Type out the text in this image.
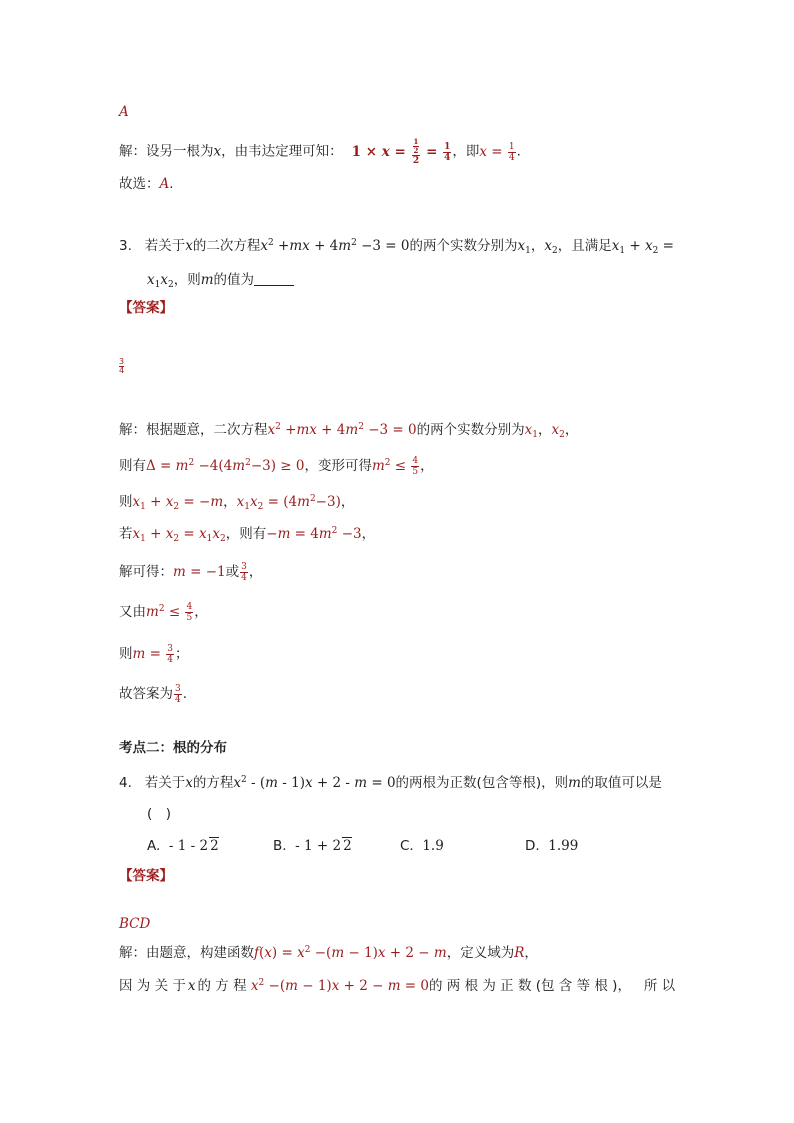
A
解：设另一根为x，由韦达定理可知：  $1 \times x = \frac{\frac{1}{2}}{2} = \frac{1}{4}$ ，即$x = \frac{1}{4}$ .
故选：A.
3. 若关于x的二次方程$x^2 +mx + 4m^2 -3 = 0$的两个实数分别为$x_1$，$x_2$，且满足$x_1 + x_2$ =
$x_1x_2$，则m的值为
【答案】
$\frac{3}{4}$
解：根据题意，二次方程$x^2 +mx + 4m^2 -3 = 0$的两个实数分别为$x_1$，$x_2$，
则有$\Delta = m^2 -4(4m^2-3) \ge 0$，变形可得$m^2 \le \frac{4}{5}$ ，
则$x_1 + x_2 = -m$，$x_1x_2 = (4m^2-3)$，
若$x_1 + x_2 = x_1x_2$，则有$-m = 4m^2 -3$，
解可得：m = −1或 $\frac{3}{4}$ ，
又由$m^2 \le \frac{4}{5}$ ，
则$m = \frac{3}{4}$ ；
故答案为 $\frac{3}{4}$ .
考点二：根的分布
4. 若关于x的方程$x^2 - (m - 1)x + 2 - m = 0$的两根为正数(包含等根)，则m的取值可以是
(　)
A. - 1 - 2 2	B. - 1 + 2 2	C. 1.9	D. 1.99
【答案】
BCD
解：由题意，构建函数$f(x) = x^2 -(m - 1)x + 2 - m$，定义域为R，
因 为 关 于 x 的 方 程 $x^2 -(m - 1)x + 2 - m = 0$的 两 根 为 正 数 (包 含 等 根 )， 所 以
